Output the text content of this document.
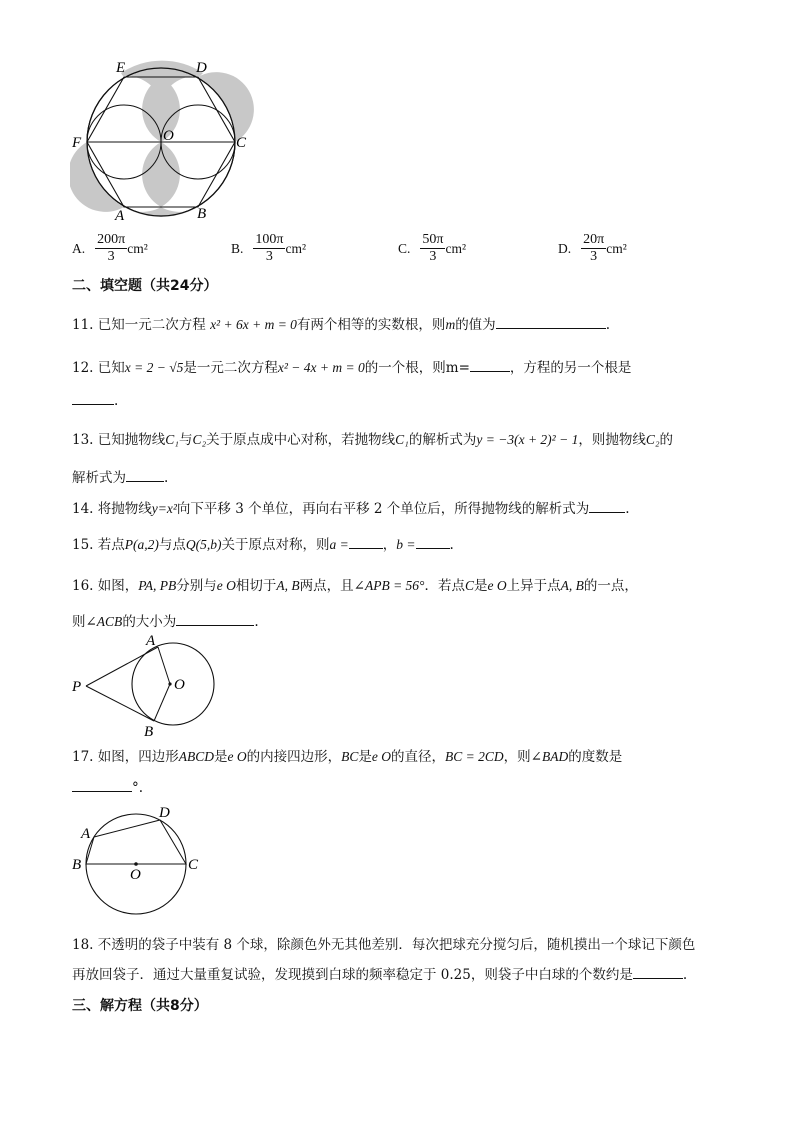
E	D
F	O	C
A	B
A. $\frac{200\pi}{3} cm^2$	B. $\frac{100\pi}{3} cm^2$	C. $\frac{50\pi}{3} cm^2$	D. $\frac{20\pi}{3} cm^2$
二、填空题（共24分）
11. 已知一元二次方程 x² + 6x + m = 0有两个相等的实数根，则m的值为	.
12. 已知x = 2 − √5是一元二次方程x² − 4x + m = 0的一个根，则m=	，方程的另一个根是
.
13. 已知抛物线C₁与C₂关于原点成中心对称，若抛物线C₁的解析式为y = −3(x + 2)² − 1，则抛物线C₂的
解析式为	.
14. 将抛物线y=x²向下平移 3 个单位，再向右平移 2 个单位后，所得抛物线的解析式为	.
15. 若点P(a,2)与点Q(5,b)关于原点对称，则a =	，b =	.
16. 如图，PA, PB分别与e O相切于A, B两点，且∠APB = 56°．若点C是e O上异于点A, B的一点，
则∠ACB的大小为	.
A
P	O
B
17. 如图，四边形ABCD是e O的内接四边形，BC是e O的直径，BC = 2CD，则∠BAD的度数是
°.
A
D
B
O
C
18. 不透明的袋子中装有 8 个球，除颜色外无其他差别．每次把球充分搅匀后，随机摸出一个球记下颜色
再放回袋子．通过大量重复试验，发现摸到白球的频率稳定于 0.25，则袋子中白球的个数约是	.
三、解方程（共8分）
